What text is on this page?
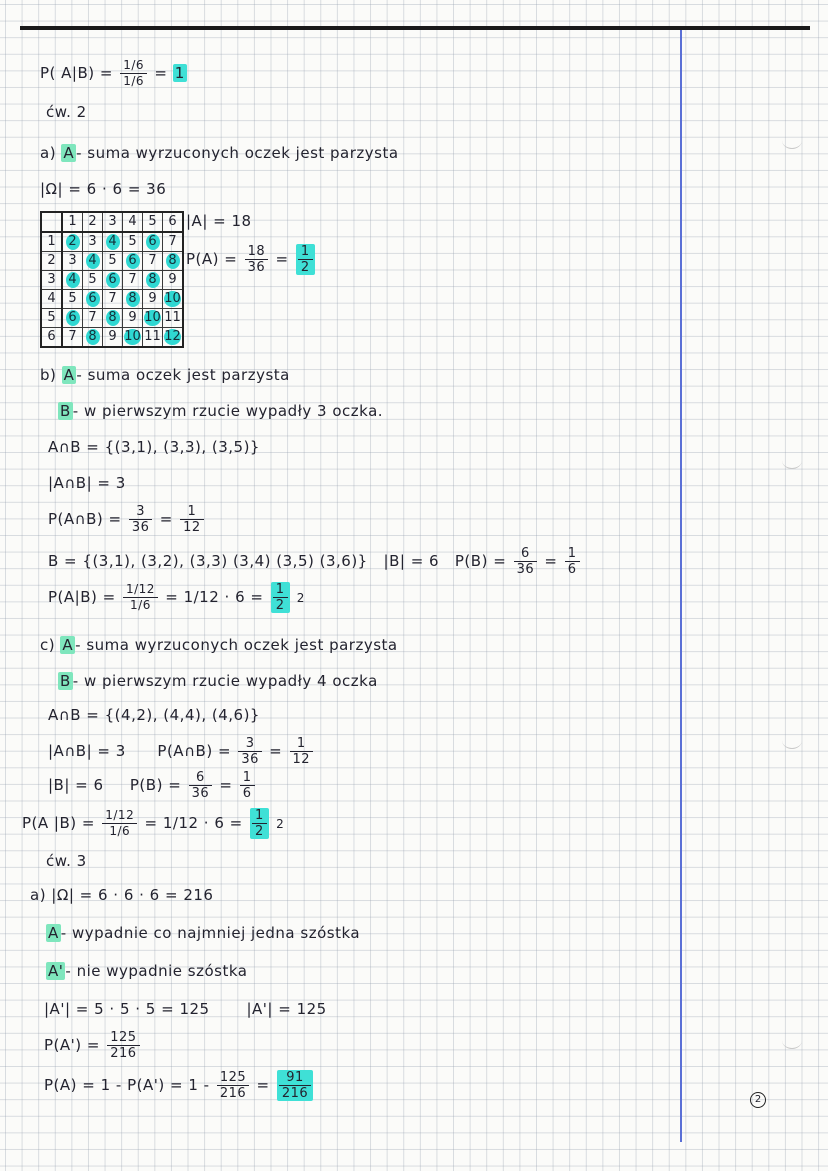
P( $A|B) = \frac{1/6}{1/6} = 1$
ćw. 2
a) A - suma wyrzuconych oczek jest parzysta
|Ω| = 6 · 6 = 36
	1	2	3	4	5	6
1	2	3	4	5	6	7
2	3	4	5	6	7	8
3	4	5	6	7	8	9
4	5	6	7	8	9	10
5	6	7	8	9	10	11
6	7	8	9	10	11	12
|A| = 18
$P(A) = \frac{18}{36} = \frac{1}{2}$
b) A - suma oczek jest parzysta
B - w pierwszym rzucie wypadły 3 oczka.
A∩B = {(3,1), (3,3), (3,5)}
|A∩B| = 3
P(A∩B) = $\frac{3}{36} = \frac{1}{12}$
B = {(3,1), (3,2), (3,3) (3,4) (3,5) (3,6)} |B| = 6 $P(B) = \frac{6}{36} = \frac{1}{6}$
$P(A|B) = \frac{1/12}{1/6} = 1/12 \cdot 6 = \frac{1}{2} 2$
c) A - suma wyrzuconych oczek jest parzysta
B - w pierwszym rzucie wypadły 4 oczka
A∩B = {(4,2), (4,4), (4,6)}
|A∩B| = 3 P(A∩B) = $\frac{3}{36} = \frac{1}{12}$
|B| = 6 $P(B) = \frac{6}{36} = \frac{1}{6}$
P(A $|B) = \frac{1/12}{1/6} = 1/12 \cdot 6 = \frac{1}{2} 2$
ćw. 3
a) |Ω| = 6 · 6 · 6 = 216
A - wypadnie co najmniej jedna szóstka
A' - nie wypadnie szóstka
|A'| = 5 · 5 · 5 = 125 |A'| = 125
$P(A') = \frac{125}{216}$
$P(A) = 1 - P(A') = 1 - \frac{125}{216} = \frac{91}{216}$	2
